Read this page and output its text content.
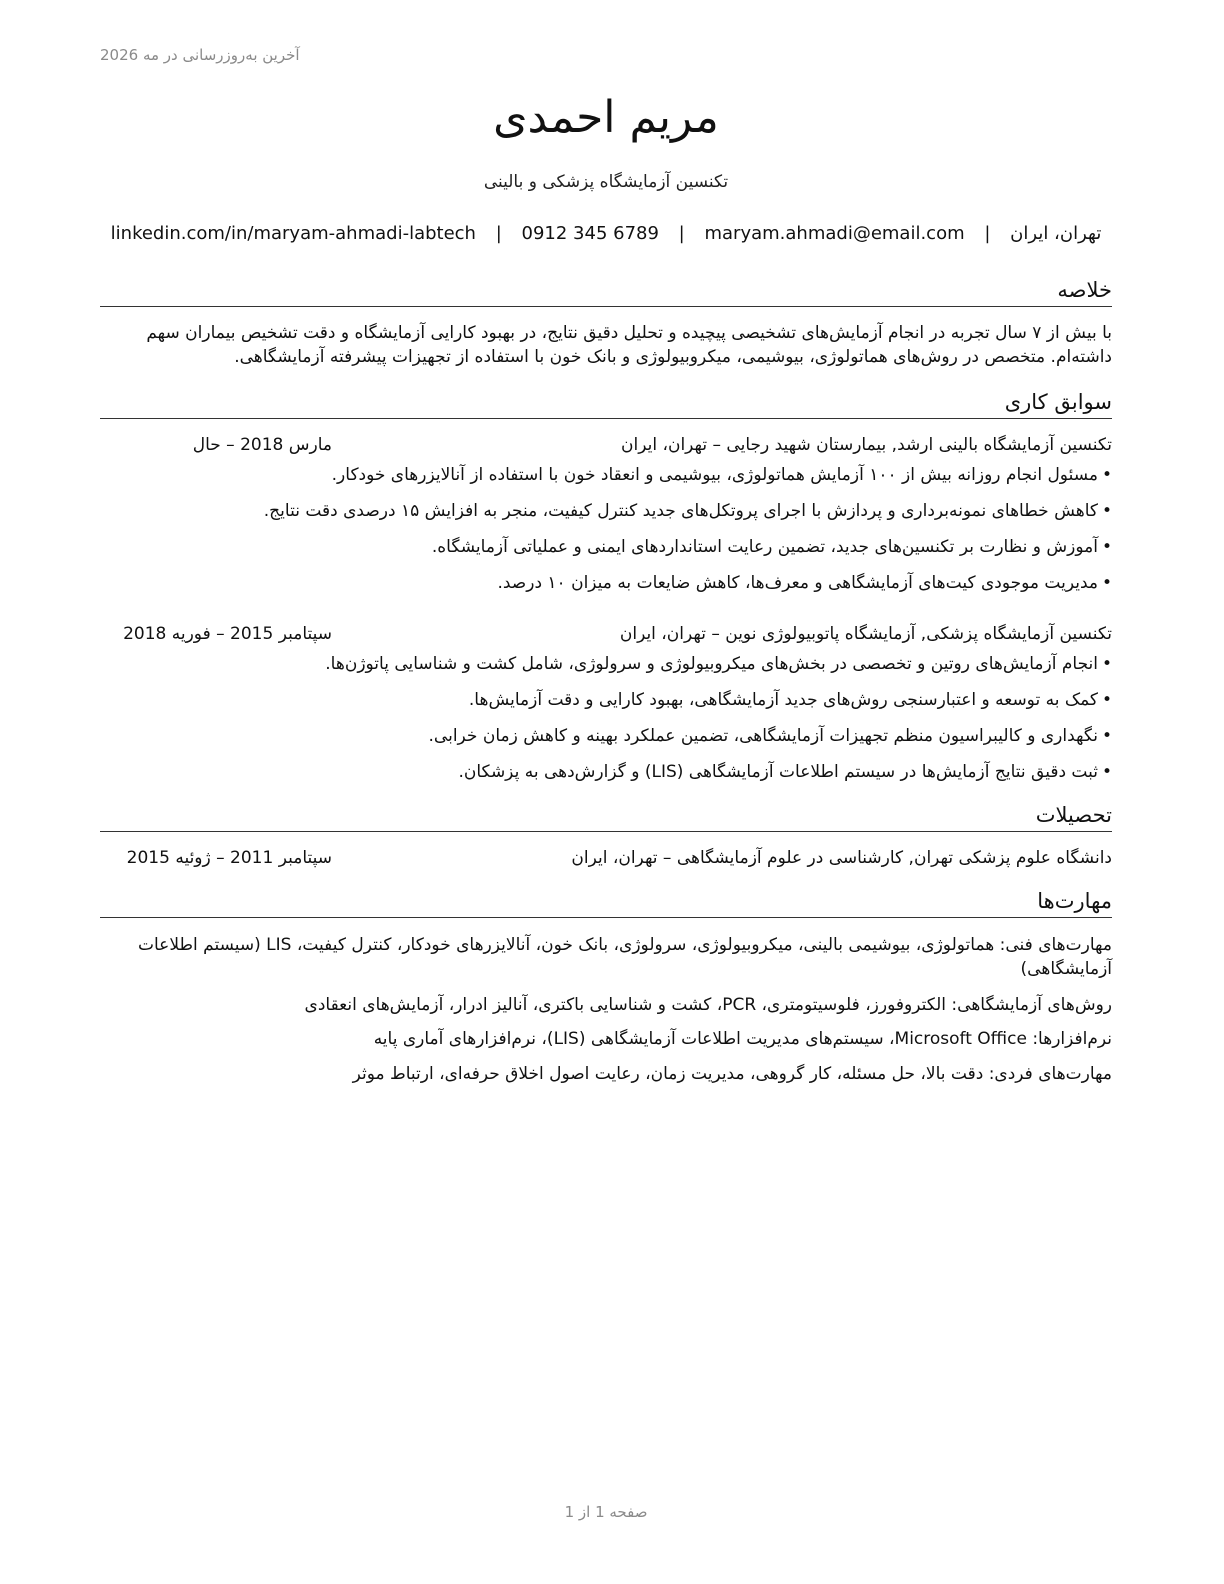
آخرین به‌روزرسانی در مه 2026
مریم احمدی
تکنسین آزمایشگاه پزشکی و بالینی
تهران، ایران | maryam.ahmadi@email.com | 0912 345 6789 | linkedin.com/in/maryam-ahmadi-labtech
خلاصه
با بیش از ۷ سال تجربه در انجام آزمایش‌های تشخیصی پیچیده و تحلیل دقیق نتایج، در بهبود کارایی آزمایشگاه و دقت تشخیص بیماران سهم داشته‌ام. متخصص در روش‌های هماتولوژی، بیوشیمی، میکروبیولوژی و بانک خون با استفاده از تجهیزات پیشرفته آزمایشگاهی.
سوابق کاری
تکنسین آزمایشگاه بالینی ارشد, بیمارستان شهید رجایی – تهران، ایران
مارس 2018 – حال
•مسئول انجام روزانه بیش از ۱۰۰ آزمایش هماتولوژی، بیوشیمی و انعقاد خون با استفاده از آنالایزرهای خودکار.
•کاهش خطاهای نمونه‌برداری و پردازش با اجرای پروتکل‌های جدید کنترل کیفیت، منجر به افزایش ۱۵ درصدی دقت نتایج.
•آموزش و نظارت بر تکنسین‌های جدید، تضمین رعایت استانداردهای ایمنی و عملیاتی آزمایشگاه.
•مدیریت موجودی کیت‌های آزمایشگاهی و معرف‌ها، کاهش ضایعات به میزان ۱۰ درصد.
تکنسین آزمایشگاه پزشکی, آزمایشگاه پاتوبیولوژی نوین – تهران، ایران
سپتامبر 2015 – فوریه 2018
•انجام آزمایش‌های روتین و تخصصی در بخش‌های میکروبیولوژی و سرولوژی، شامل کشت و شناسایی پاتوژن‌ها.
•کمک به توسعه و اعتبارسنجی روش‌های جدید آزمایشگاهی، بهبود کارایی و دقت آزمایش‌ها.
•نگهداری و کالیبراسیون منظم تجهیزات آزمایشگاهی، تضمین عملکرد بهینه و کاهش زمان خرابی.
•ثبت دقیق نتایج آزمایش‌ها در سیستم اطلاعات آزمایشگاهی (LIS) و گزارش‌دهی به پزشکان.
تحصیلات
دانشگاه علوم پزشکی تهران, کارشناسی در علوم آزمایشگاهی – تهران، ایران
سپتامبر 2011 – ژوئیه 2015
مهارت‌ها
مهارت‌های فنی: هماتولوژی، بیوشیمی بالینی، میکروبیولوژی، سرولوژی، بانک خون، آنالایزرهای خودکار، کنترل کیفیت، LIS (سیستم اطلاعات آزمایشگاهی)
روش‌های آزمایشگاهی: الکتروفورز، فلوسیتومتری، PCR، کشت و شناسایی باکتری، آنالیز ادرار، آزمایش‌های انعقادی
نرم‌افزارها: Microsoft Office، سیستم‌های مدیریت اطلاعات آزمایشگاهی (LIS)، نرم‌افزارهای آماری پایه
مهارت‌های فردی: دقت بالا، حل مسئله، کار گروهی، مدیریت زمان، رعایت اصول اخلاق حرفه‌ای، ارتباط موثر
صفحه 1 از 1
